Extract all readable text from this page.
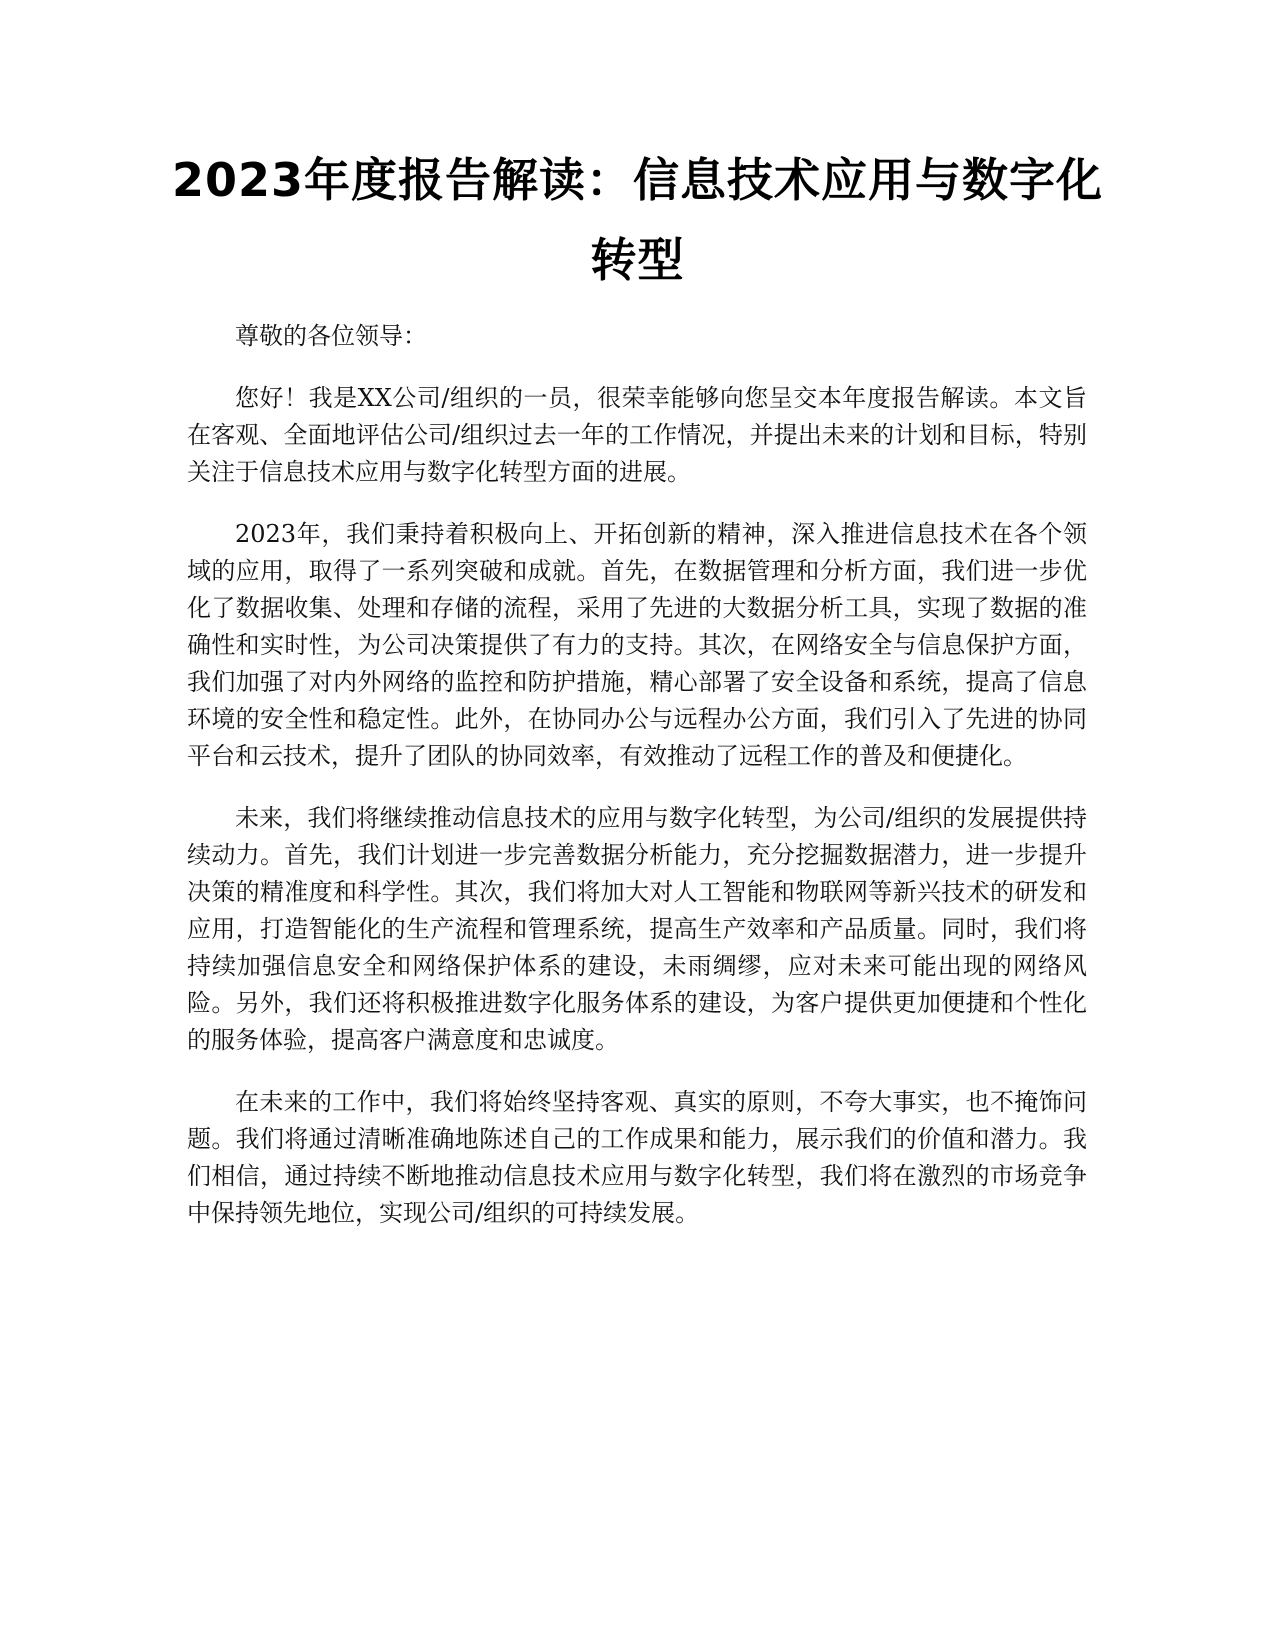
2023年度报告解读：信息技术应用与数字化转型

尊敬的各位领导：

您好！我是XX公司/组织的一员，很荣幸能够向您呈交本年度报告解读。本文旨在客观、全面地评估公司/组织过去一年的工作情况，并提出未来的计划和目标，特别关注于信息技术应用与数字化转型方面的进展。

2023年，我们秉持着积极向上、开拓创新的精神，深入推进信息技术在各个领域的应用，取得了一系列突破和成就。首先，在数据管理和分析方面，我们进一步优化了数据收集、处理和存储的流程，采用了先进的大数据分析工具，实现了数据的准确性和实时性，为公司决策提供了有力的支持。其次，在网络安全与信息保护方面，我们加强了对内外网络的监控和防护措施，精心部署了安全设备和系统，提高了信息环境的安全性和稳定性。此外，在协同办公与远程办公方面，我们引入了先进的协同平台和云技术，提升了团队的协同效率，有效推动了远程工作的普及和便捷化。

未来，我们将继续推动信息技术的应用与数字化转型，为公司/组织的发展提供持续动力。首先，我们计划进一步完善数据分析能力，充分挖掘数据潜力，进一步提升决策的精准度和科学性。其次，我们将加大对人工智能和物联网等新兴技术的研发和应用，打造智能化的生产流程和管理系统，提高生产效率和产品质量。同时，我们将持续加强信息安全和网络保护体系的建设，未雨绸缪，应对未来可能出现的网络风险。另外，我们还将积极推进数字化服务体系的建设，为客户提供更加便捷和个性化的服务体验，提高客户满意度和忠诚度。

在未来的工作中，我们将始终坚持客观、真实的原则，不夸大事实，也不掩饰问题。我们将通过清晰准确地陈述自己的工作成果和能力，展示我们的价值和潜力。我们相信，通过持续不断地推动信息技术应用与数字化转型，我们将在激烈的市场竞争中保持领先地位，实现公司/组织的可持续发展。
